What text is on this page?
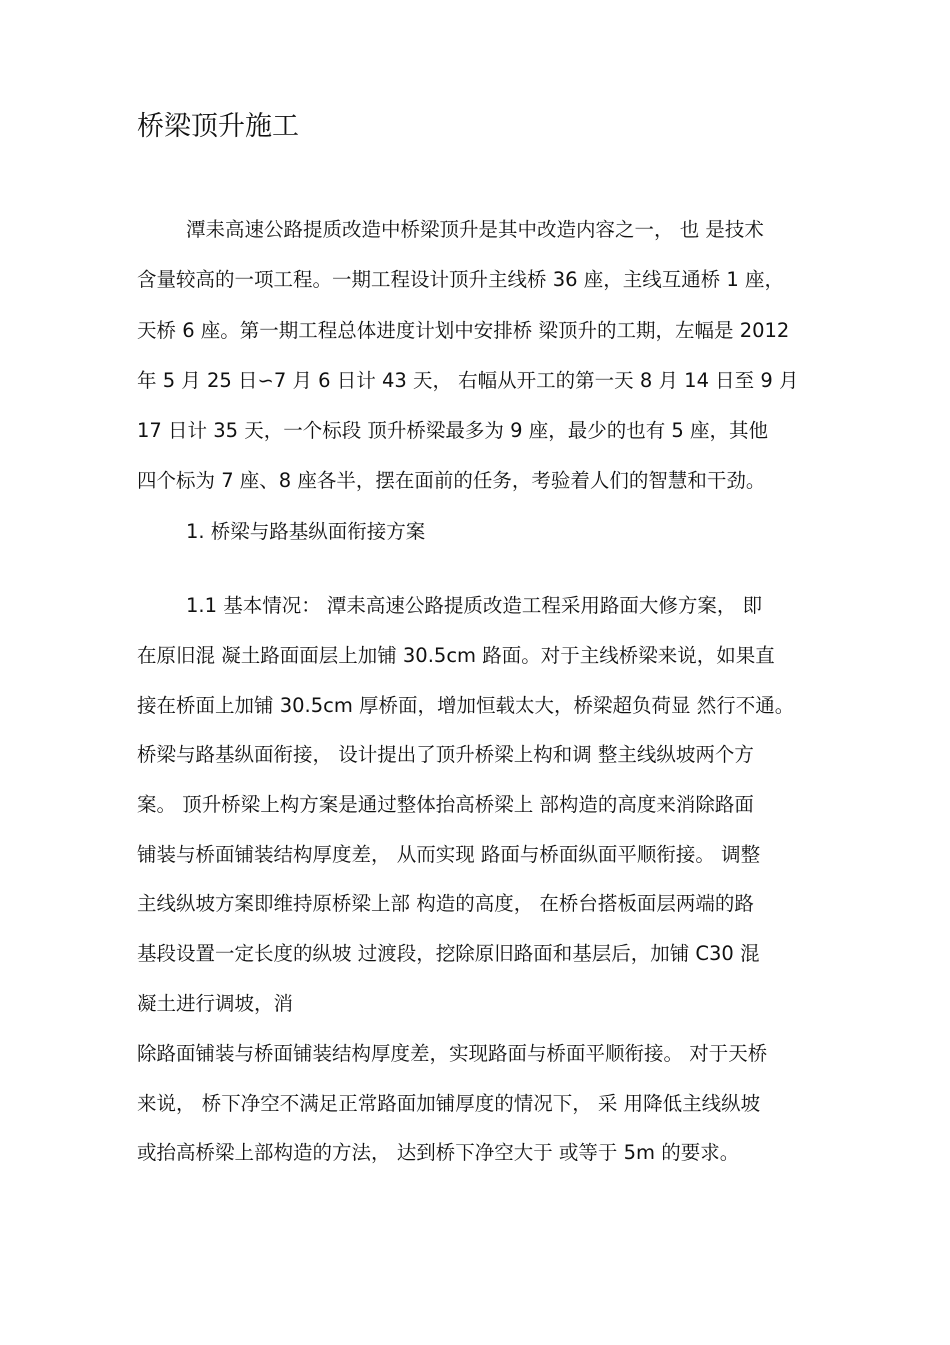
桥梁顶升施工

潭耒高速公路提质改造中桥梁顶升是其中改造内容之一， 也 是技术

含量较高的一项工程。一期工程设计顶升主线桥 36 座，主线互通桥 1 座，

天桥 6 座。第一期工程总体进度计划中安排桥 梁顶升的工期，左幅是 2012

年 5 月 25 日∽7 月 6 日计 43 天， 右幅从开工的第一天 8 月 14 日至 9 月

17 日计 35 天，一个标段 顶升桥梁最多为 9 座，最少的也有 5 座，其他

四个标为 7 座、8 座各半，摆在面前的任务，考验着人们的智慧和干劲。

1. 桥梁与路基纵面衔接方案

1.1 基本情况： 潭耒高速公路提质改造工程采用路面大修方案， 即

在原旧混 凝土路面面层上加铺 30.5cm 路面。对于主线桥梁来说，如果直

接在桥面上加铺 30.5cm 厚桥面，增加恒载太大，桥梁超负荷显 然行不通。

桥梁与路基纵面衔接， 设计提出了顶升桥梁上构和调 整主线纵坡两个方

案。 顶升桥梁上构方案是通过整体抬高桥梁上 部构造的高度来消除路面

铺装与桥面铺装结构厚度差， 从而实现 路面与桥面纵面平顺衔接。 调整

主线纵坡方案即维持原桥梁上部 构造的高度， 在桥台搭板面层两端的路

基段设置一定长度的纵坡 过渡段，挖除原旧路面和基层后，加铺 C30 混

凝土进行调坡，消

除路面铺装与桥面铺装结构厚度差，实现路面与桥面平顺衔接。 对于天桥

来说， 桥下净空不满足正常路面加铺厚度的情况下， 采 用降低主线纵坡

或抬高桥梁上部构造的方法， 达到桥下净空大于 或等于 5m 的要求。
